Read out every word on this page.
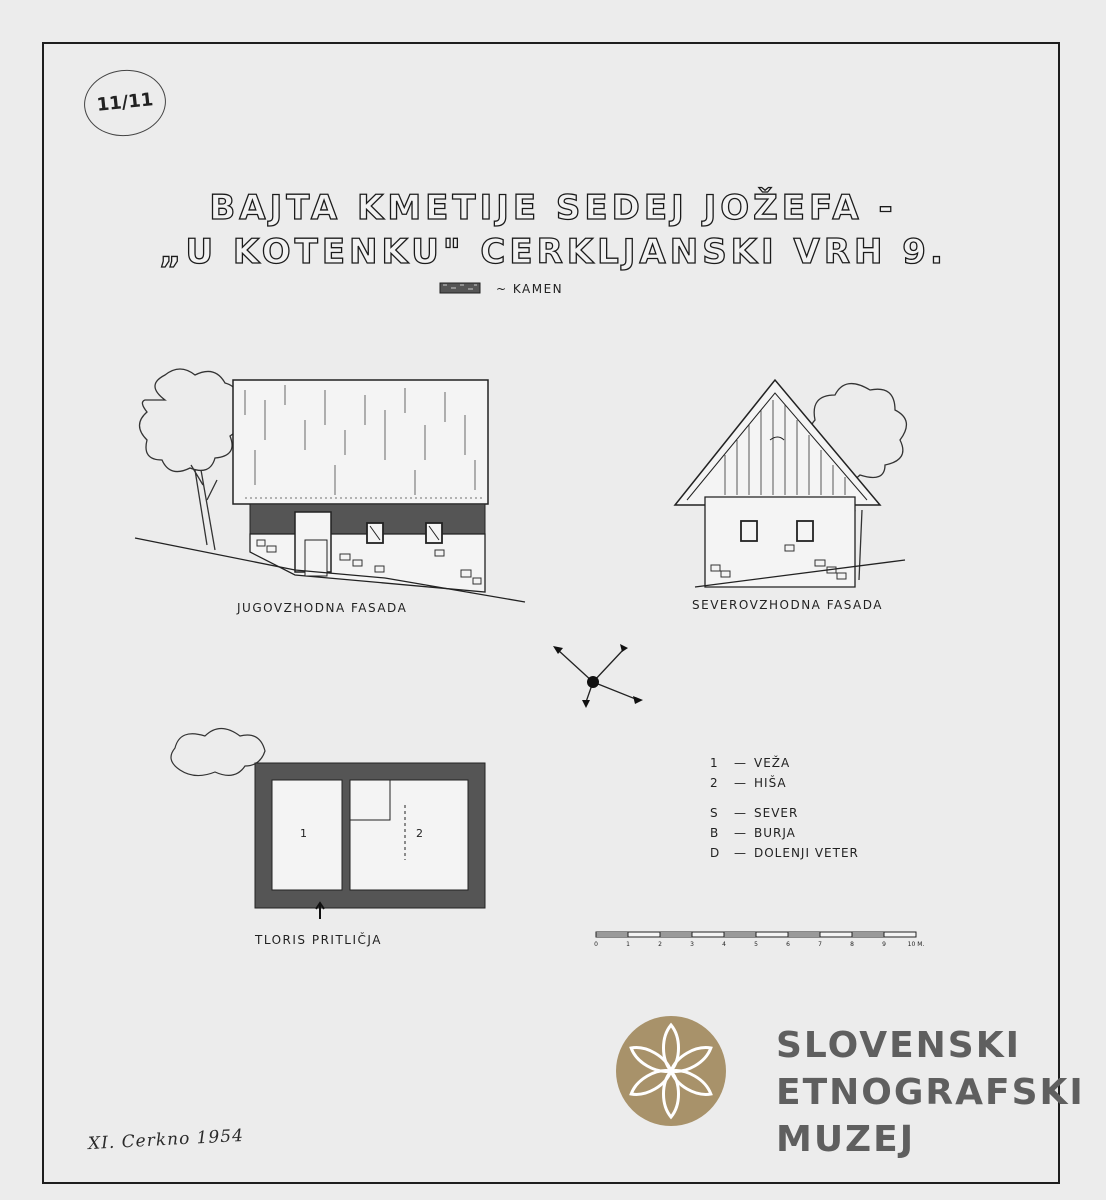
11/11
BAJTA KMETIJE SEDEJ JOŽEFA -
„U KOTENKU" CERKLJANSKI VRH 9.
~ KAMEN
JUGOVZHODNA FASADA	SEVEROVZHODNA FASADA
1	2
TLORIS PRITLIČJA
1 — VEŽA
2 — HIŠA
S — SEVER
B — BURJA
D — DOLENJI VETER
0	1	2	3	4	5	6	7	8	9	10 M.
XI. Cerkno 1954
SLOVENSKI
ETNOGRAFSKI
MUZEJ
